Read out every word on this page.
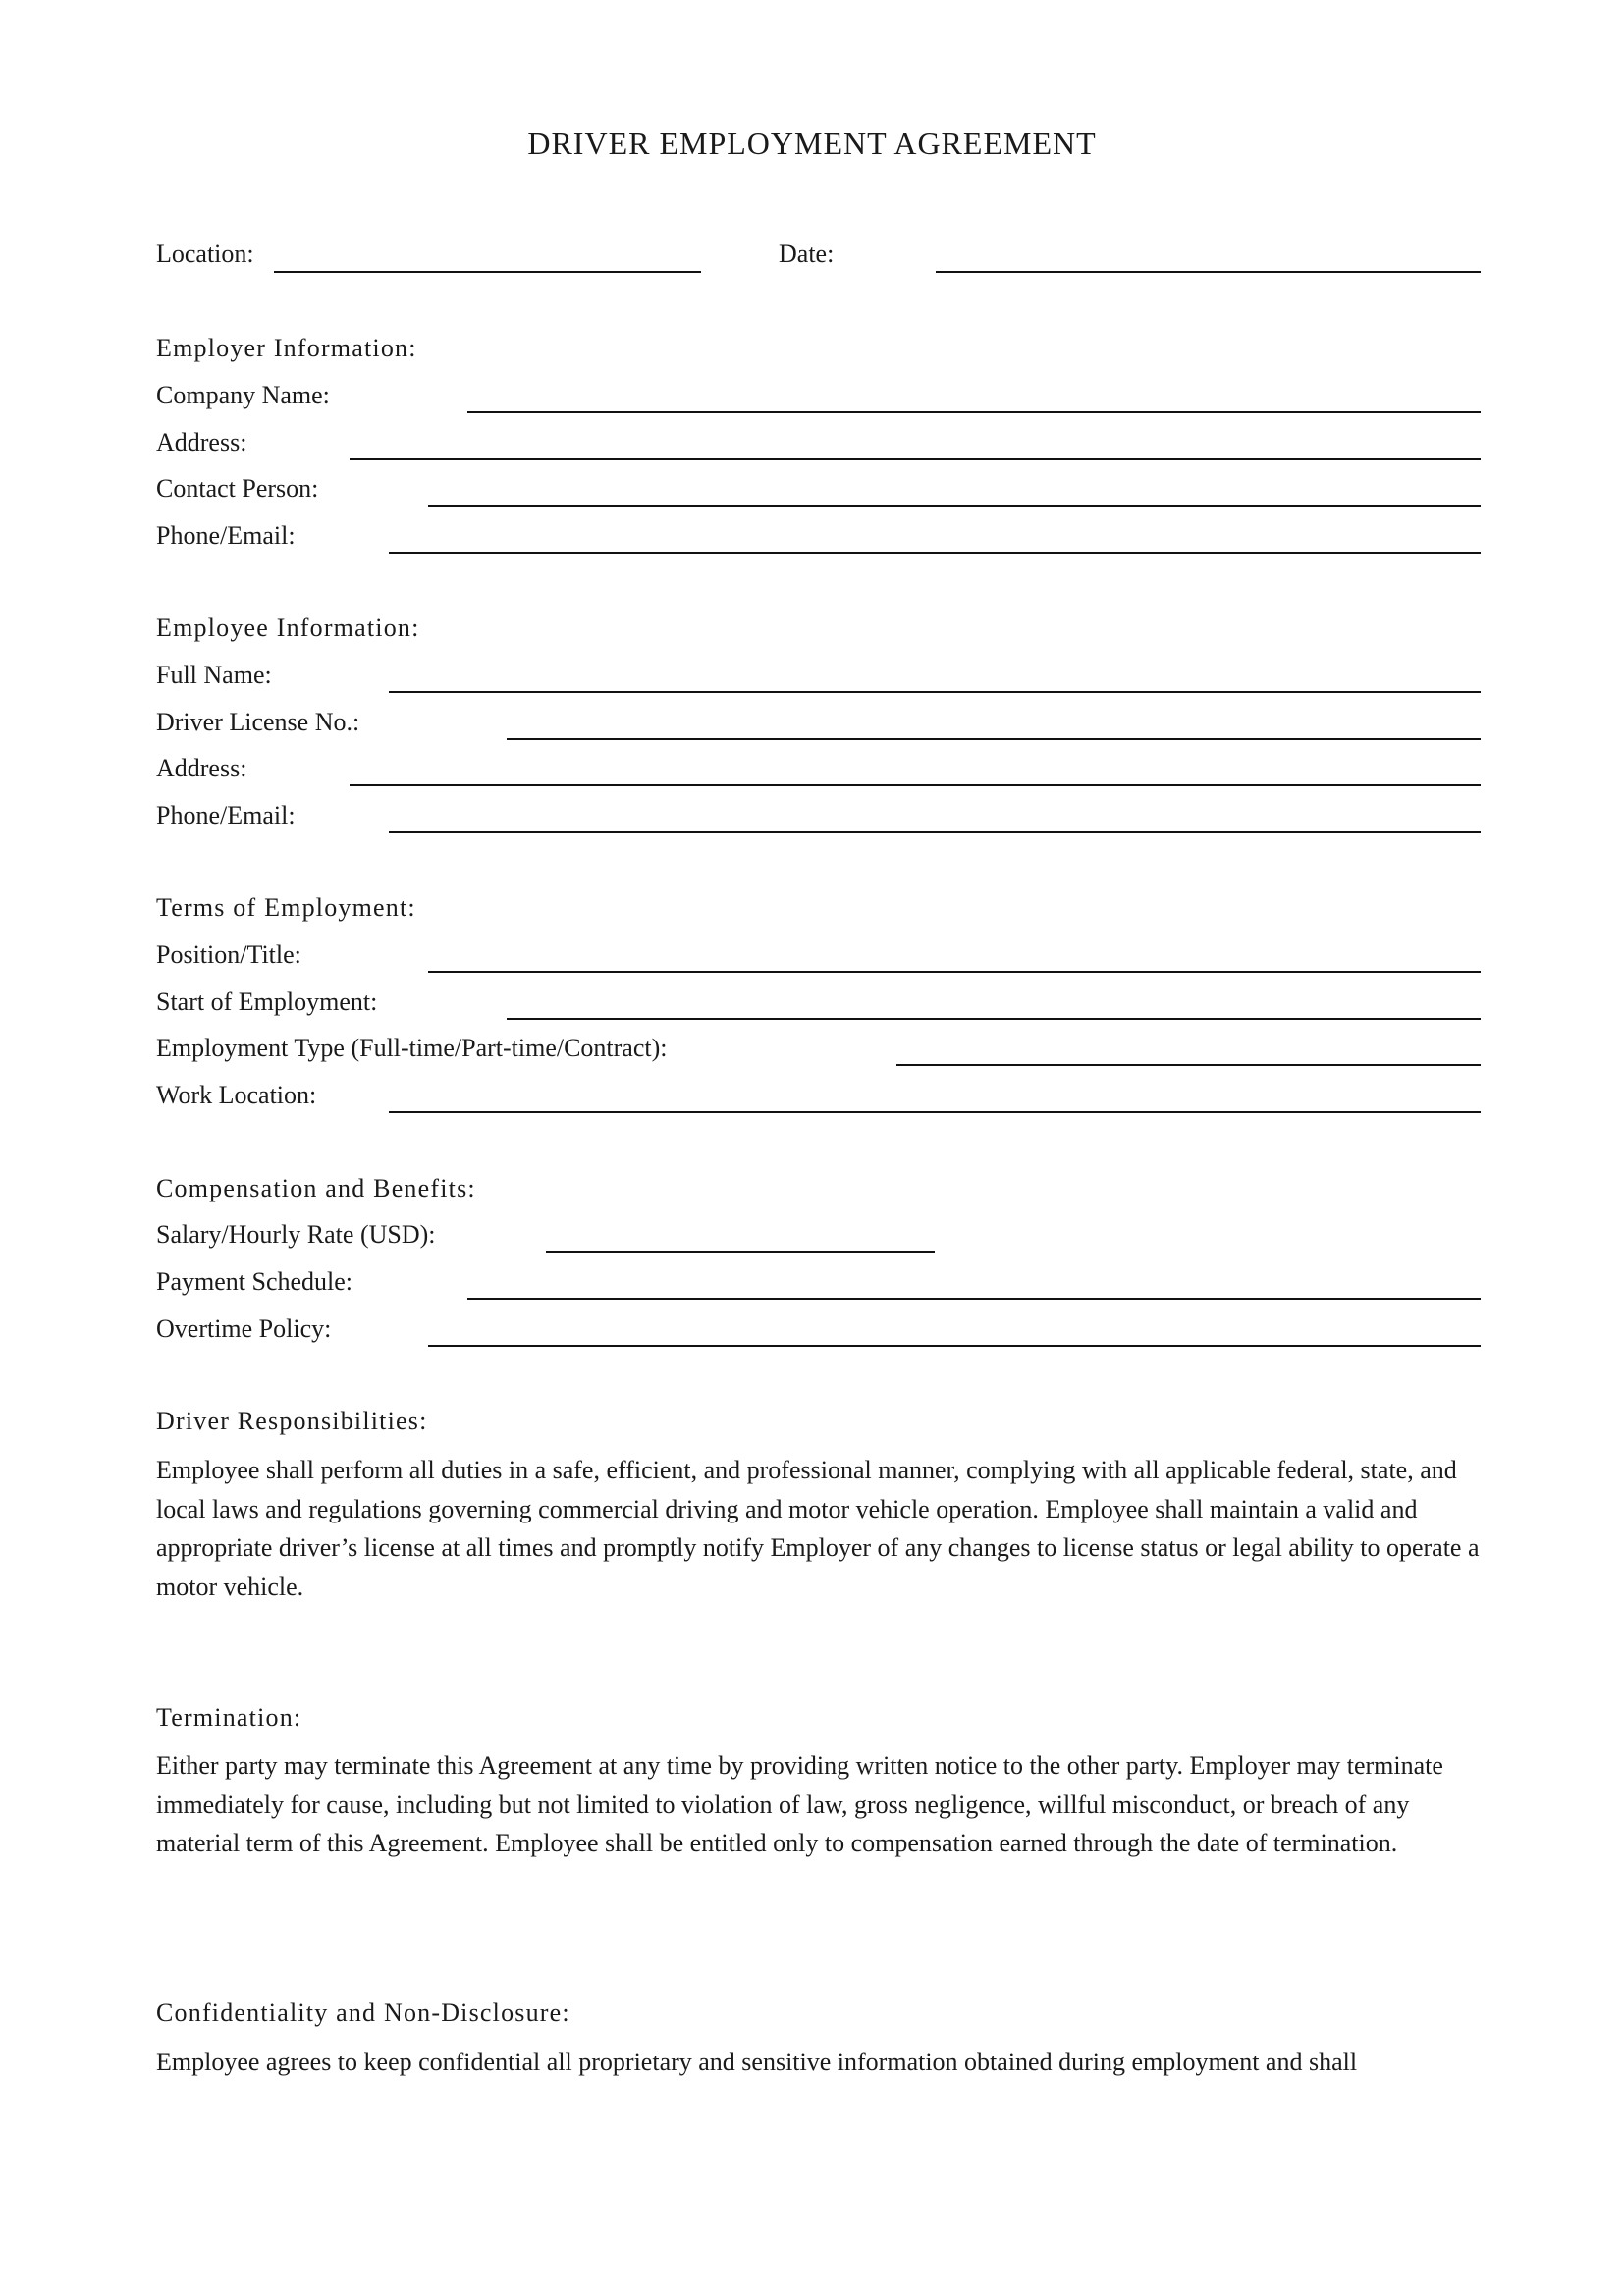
DRIVER EMPLOYMENT AGREEMENT
Location:	Date:
Employer Information:
Company Name:
Address:
Contact Person:
Phone/Email:
Employee Information:
Full Name:
Driver License No.:
Address:
Phone/Email:
Terms of Employment:
Position/Title:
Start of Employment:
Employment Type (Full-time/Part-time/Contract):
Work Location:
Compensation and Benefits:
Salary/Hourly Rate (USD):
Payment Schedule:
Overtime Policy:
Driver Responsibilities:

Employee shall perform all duties in a safe, efficient, and professional manner, complying with all applicable federal, state, and local laws and regulations governing commercial driving and motor vehicle operation. Employee shall maintain a valid and appropriate driver’s license at all times and promptly notify Employer of any changes to license status or legal ability to operate a motor vehicle.

Termination:

Either party may terminate this Agreement at any time by providing written notice to the other party. Employer may terminate immediately for cause, including but not limited to violation of law, gross negligence, willful misconduct, or breach of any material term of this Agreement. Employee shall be entitled only to compensation earned through the date of termination.

Confidentiality and Non-Disclosure:

Employee agrees to keep confidential all proprietary and sensitive information obtained during employment and shall
